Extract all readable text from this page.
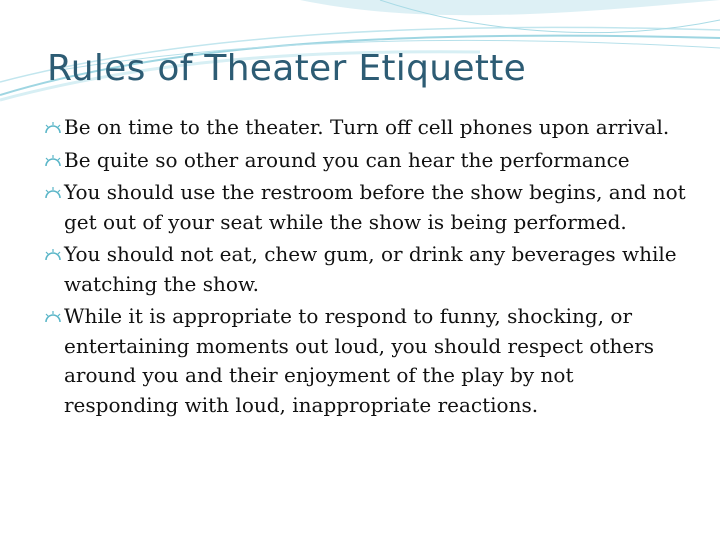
Rules of Theater Etiquette
Be on time to the theater. Turn off cell phones upon arrival.
Be quite so other around you can hear the performance
You should use the restroom before the show begins, and not get out of your seat while the show is being performed.
You should not eat, chew gum, or drink any beverages while watching the show.
While it is appropriate to respond to funny, shocking, or entertaining moments out loud, you should respect others around you and their enjoyment of the play by not responding with loud, inappropriate reactions.
